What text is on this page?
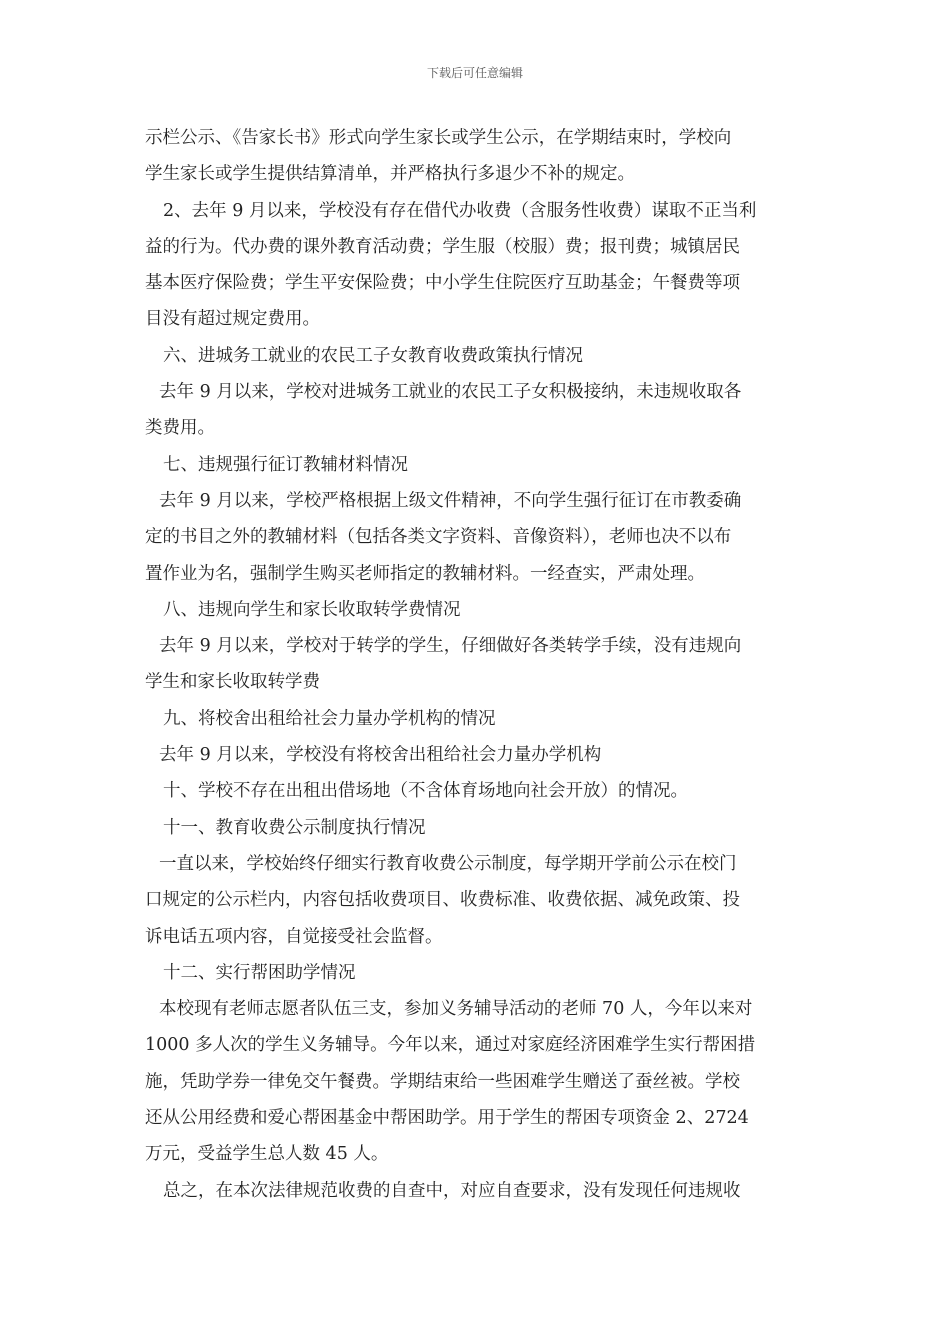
下载后可任意编辑
示栏公示、《告家长书》形式向学生家长或学生公示，在学期结束时，学校向
学生家长或学生提供结算清单，并严格执行多退少不补的规定。
2、去年 9 月以来，学校没有存在借代办收费（含服务性收费）谋取不正当利
益的行为。代办费的课外教育活动费；学生服（校服）费；报刊费；城镇居民
基本医疗保险费；学生平安保险费；中小学生住院医疗互助基金；午餐费等项
目没有超过规定费用。
六、进城务工就业的农民工子女教育收费政策执行情况
去年 9 月以来，学校对进城务工就业的农民工子女积极接纳，未违规收取各
类费用。
七、违规强行征订教辅材料情况
去年 9 月以来，学校严格根据上级文件精神，不向学生强行征订在市教委确
定的书目之外的教辅材料（包括各类文字资料、音像资料），老师也决不以布
置作业为名，强制学生购买老师指定的教辅材料。一经查实，严肃处理。
八、违规向学生和家长收取转学费情况
去年 9 月以来，学校对于转学的学生，仔细做好各类转学手续，没有违规向
学生和家长收取转学费
九、将校舍出租给社会力量办学机构的情况
去年 9 月以来，学校没有将校舍出租给社会力量办学机构
十、学校不存在出租出借场地（不含体育场地向社会开放）的情况。
十一、教育收费公示制度执行情况
一直以来，学校始终仔细实行教育收费公示制度，每学期开学前公示在校门
口规定的公示栏内，内容包括收费项目、收费标准、收费依据、减免政策、投
诉电话五项内容，自觉接受社会监督。
十二、实行帮困助学情况
本校现有老师志愿者队伍三支，参加义务辅导活动的老师 70 人，今年以来对
1000 多人次的学生义务辅导。今年以来，通过对家庭经济困难学生实行帮困措
施，凭助学券一律免交午餐费。学期结束给一些困难学生赠送了蚕丝被。学校
还从公用经费和爱心帮困基金中帮困助学。用于学生的帮困专项资金 2、2724
万元，受益学生总人数 45 人。
总之，在本次法律规范收费的自查中，对应自查要求，没有发现任何违规收
